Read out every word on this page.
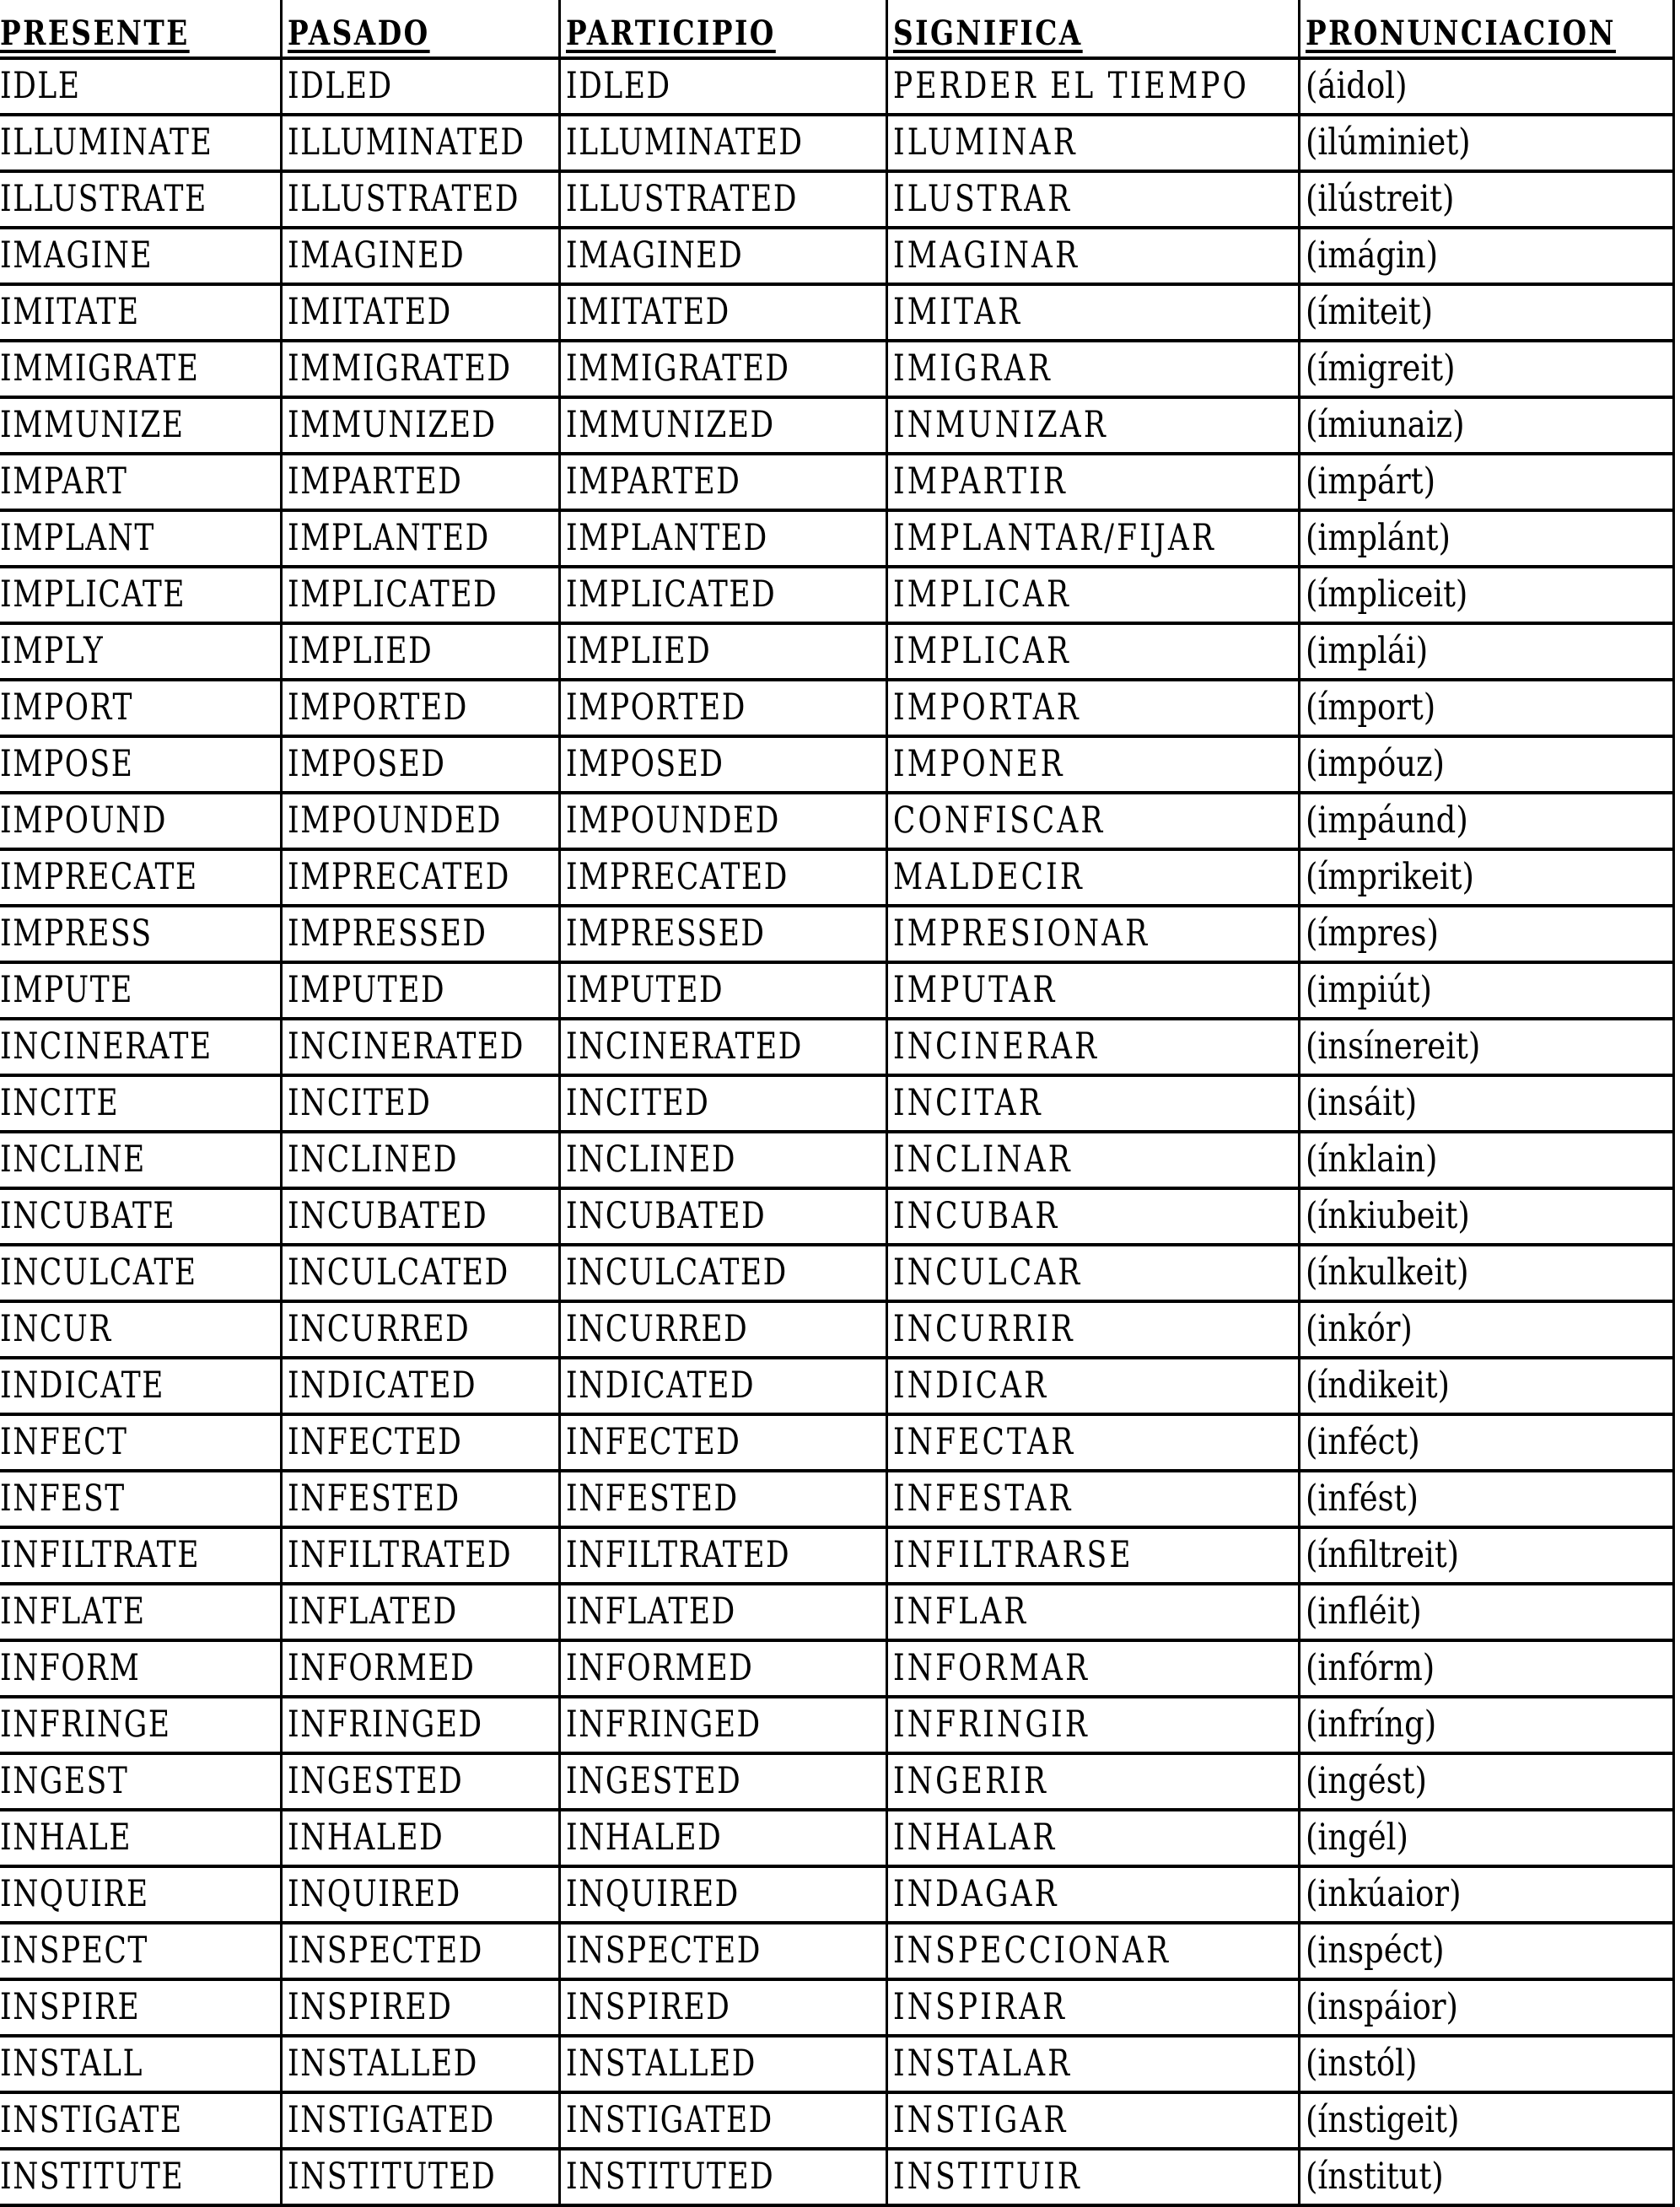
PRESENTE	PASADO	PARTICIPIO	SIGNIFICA	PRONUNCIACION
IDLE	IDLED	IDLED	PERDER EL TIEMPO	(áidol)
ILLUMINATE	ILLUMINATED	ILLUMINATED	ILUMINAR	(ilúminiet)
ILLUSTRATE	ILLUSTRATED	ILLUSTRATED	ILUSTRAR	(ilústreit)
IMAGINE	IMAGINED	IMAGINED	IMAGINAR	(imágin)
IMITATE	IMITATED	IMITATED	IMITAR	(ímiteit)
IMMIGRATE	IMMIGRATED	IMMIGRATED	IMIGRAR	(ímigreit)
IMMUNIZE	IMMUNIZED	IMMUNIZED	INMUNIZAR	(ímiunaiz)
IMPART	IMPARTED	IMPARTED	IMPARTIR	(impárt)
IMPLANT	IMPLANTED	IMPLANTED	IMPLANTAR/FIJAR	(implánt)
IMPLICATE	IMPLICATED	IMPLICATED	IMPLICAR	(ímpliceit)
IMPLY	IMPLIED	IMPLIED	IMPLICAR	(implái)
IMPORT	IMPORTED	IMPORTED	IMPORTAR	(ímport)
IMPOSE	IMPOSED	IMPOSED	IMPONER	(impóuz)
IMPOUND	IMPOUNDED	IMPOUNDED	CONFISCAR	(impáund)
IMPRECATE	IMPRECATED	IMPRECATED	MALDECIR	(ímprikeit)
IMPRESS	IMPRESSED	IMPRESSED	IMPRESIONAR	(ímpres)
IMPUTE	IMPUTED	IMPUTED	IMPUTAR	(impiút)
INCINERATE	INCINERATED	INCINERATED	INCINERAR	(insínereit)
INCITE	INCITED	INCITED	INCITAR	(insáit)
INCLINE	INCLINED	INCLINED	INCLINAR	(ínklain)
INCUBATE	INCUBATED	INCUBATED	INCUBAR	(ínkiubeit)
INCULCATE	INCULCATED	INCULCATED	INCULCAR	(ínkulkeit)
INCUR	INCURRED	INCURRED	INCURRIR	(inkór)
INDICATE	INDICATED	INDICATED	INDICAR	(índikeit)
INFECT	INFECTED	INFECTED	INFECTAR	(inféct)
INFEST	INFESTED	INFESTED	INFESTAR	(infést)
INFILTRATE	INFILTRATED	INFILTRATED	INFILTRARSE	(ínfiltreit)
INFLATE	INFLATED	INFLATED	INFLAR	(infléit)
INFORM	INFORMED	INFORMED	INFORMAR	(infórm)
INFRINGE	INFRINGED	INFRINGED	INFRINGIR	(infríng)
INGEST	INGESTED	INGESTED	INGERIR	(ingést)
INHALE	INHALED	INHALED	INHALAR	(ingél)
INQUIRE	INQUIRED	INQUIRED	INDAGAR	(inkúaior)
INSPECT	INSPECTED	INSPECTED	INSPECCIONAR	(inspéct)
INSPIRE	INSPIRED	INSPIRED	INSPIRAR	(inspáior)
INSTALL	INSTALLED	INSTALLED	INSTALAR	(instól)
INSTIGATE	INSTIGATED	INSTIGATED	INSTIGAR	(ínstigeit)
INSTITUTE	INSTITUTED	INSTITUTED	INSTITUIR	(ínstitut)
